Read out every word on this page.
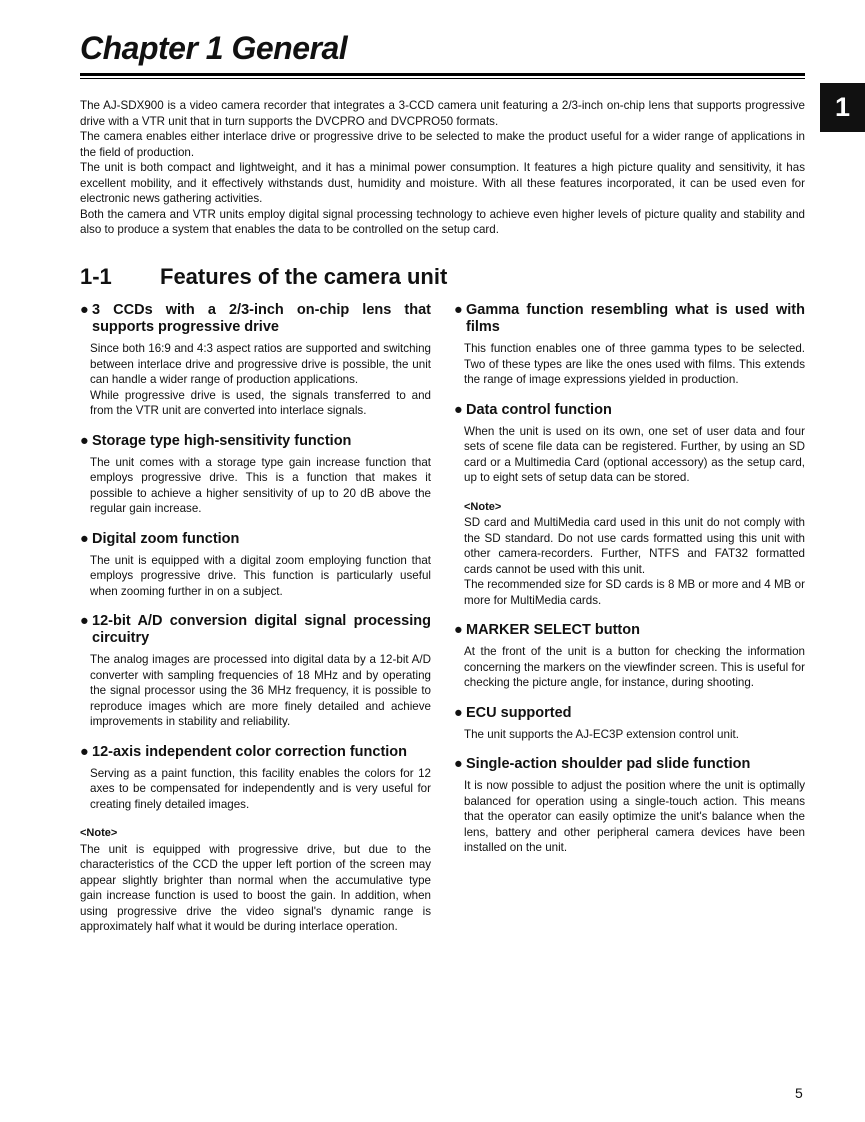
Chapter 1 General
1

The AJ-SDX900 is a video camera recorder that integrates a 3-CCD camera unit featuring a 2/3-inch on-chip lens that supports progressive drive with a VTR unit that in turn supports the DVCPRO and DVCPRO50 formats.

The camera enables either interlace drive or progressive drive to be selected to make the product useful for a wider range of applications in the field of production.

The unit is both compact and lightweight, and it has a minimal power consumption. It features a high picture quality and sensitivity, it has excellent mobility, and it effectively withstands dust, humidity and moisture. With all these features incorporated, it can be used even for electronic news gathering activities.

Both the camera and VTR units employ digital signal processing technology to achieve even higher levels of picture quality and stability and also to produce a system that enables the data to be controlled on the setup card.

1-1 Features of the camera unit
● 3 CCDs with a 2/3-inch on-chip lens that supports progressive drive

Since both 16:9 and 4:3 aspect ratios are supported and switching between interlace drive and progressive drive is possible, the unit can handle a wider range of production applications.

While progressive drive is used, the signals transferred to and from the VTR unit are converted into interlace signals.

● Storage type high-sensitivity function

The unit comes with a storage type gain increase function that employs progressive drive. This is a function that makes it possible to achieve a higher sensitivity of up to 20 dB above the regular gain increase.

● Digital zoom function

The unit is equipped with a digital zoom employing function that employs progressive drive. This function is particularly useful when zooming further in on a subject.

● 12-bit A/D conversion digital signal processing circuitry

The analog images are processed into digital data by a 12-bit A/D converter with sampling frequencies of 18 MHz and by operating the signal processor using the 36 MHz frequency, it is possible to reproduce images which are more finely detailed and achieve improvements in stability and reliability.

● 12-axis independent color correction function

Serving as a paint function, this facility enables the colors for 12 axes to be compensated for independently and is very useful for creating finely detailed images.

<Note>

The unit is equipped with progressive drive, but due to the characteristics of the CCD the upper left portion of the screen may appear slightly brighter than normal when the accumulative type gain increase function is used to boost the gain. In addition, when using progressive drive the video signal's dynamic range is approximately half what it would be during interlace operation.

● Gamma function resembling what is used with films

This function enables one of three gamma types to be selected. Two of these types are like the ones used with films. This extends the range of image expressions yielded in production.

● Data control function

When the unit is used on its own, one set of user data and four sets of scene file data can be registered. Further, by using an SD card or a Multimedia Card (optional accessory) as the setup card, up to eight sets of setup data can be stored.

<Note>

SD card and MultiMedia card used in this unit do not comply with the SD standard. Do not use cards formatted using this unit with other camera-recorders. Further, NTFS and FAT32 formatted cards cannot be used with this unit.

The recommended size for SD cards is 8 MB or more and 4 MB or more for MultiMedia cards.

● MARKER SELECT button

At the front of the unit is a button for checking the information concerning the markers on the viewfinder screen. This is useful for checking the picture angle, for instance, during shooting.

● ECU supported

The unit supports the AJ-EC3P extension control unit.

● Single-action shoulder pad slide function

It is now possible to adjust the position where the unit is optimally balanced for operation using a single-touch action. This means that the operator can easily optimize the unit's balance when the lens, battery and other peripheral camera devices have been installed on the unit.

5
